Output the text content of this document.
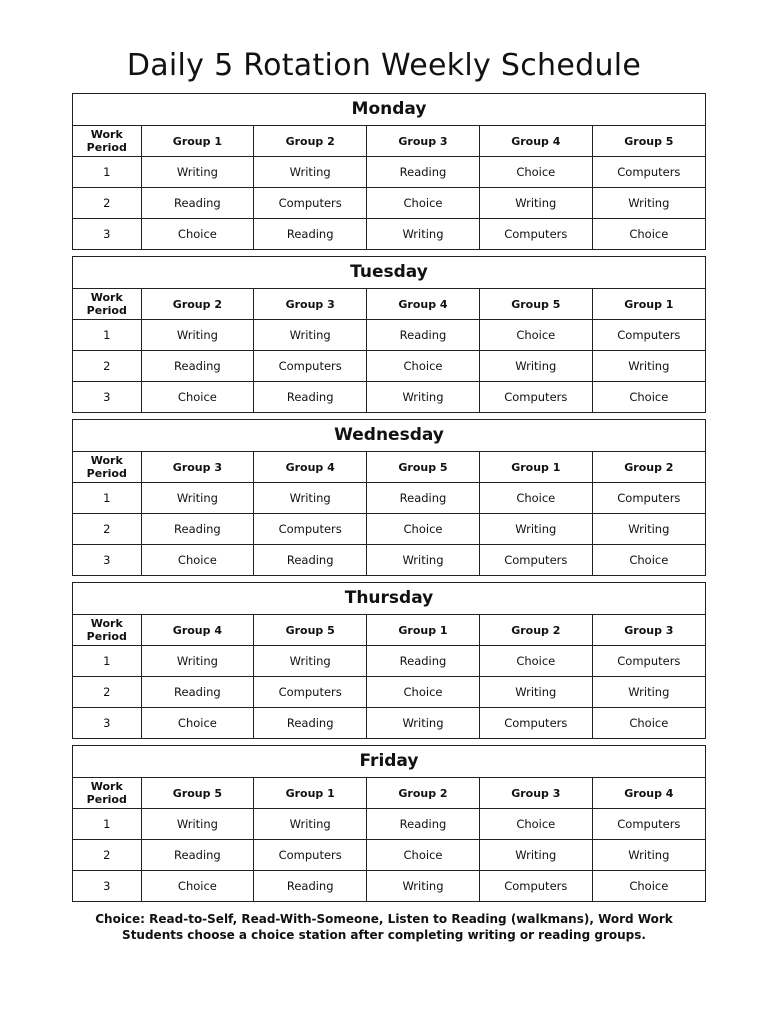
Daily 5 Rotation Weekly Schedule
Monday
Work
Period	Group 1	Group 2	Group 3	Group 4	Group 5
1	Writing	Writing	Reading	Choice	Computers
2	Reading	Computers	Choice	Writing	Writing
3	Choice	Reading	Writing	Computers	Choice
Tuesday
Work
Period	Group 2	Group 3	Group 4	Group 5	Group 1
1	Writing	Writing	Reading	Choice	Computers
2	Reading	Computers	Choice	Writing	Writing
3	Choice	Reading	Writing	Computers	Choice
Wednesday
Work
Period	Group 3	Group 4	Group 5	Group 1	Group 2
1	Writing	Writing	Reading	Choice	Computers
2	Reading	Computers	Choice	Writing	Writing
3	Choice	Reading	Writing	Computers	Choice
Thursday
Work
Period	Group 4	Group 5	Group 1	Group 2	Group 3
1	Writing	Writing	Reading	Choice	Computers
2	Reading	Computers	Choice	Writing	Writing
3	Choice	Reading	Writing	Computers	Choice
Friday
Work
Period	Group 5	Group 1	Group 2	Group 3	Group 4
1	Writing	Writing	Reading	Choice	Computers
2	Reading	Computers	Choice	Writing	Writing
3	Choice	Reading	Writing	Computers	Choice
Choice: Read-to-Self, Read-With-Someone, Listen to Reading (walkmans), Word Work
Students choose a choice station after completing writing or reading groups.
